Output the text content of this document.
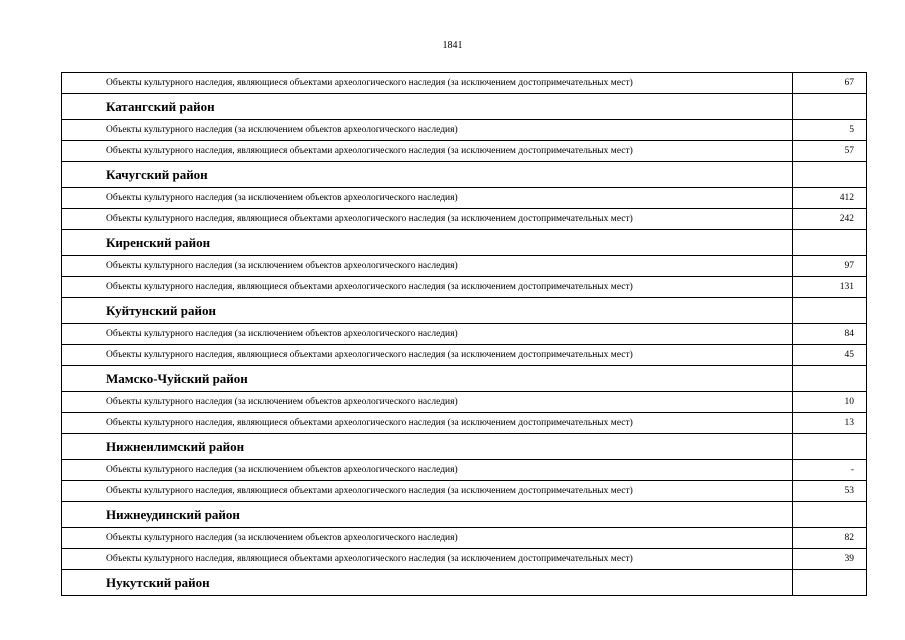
1841
Объекты культурного наследия, являющиеся объектами археологического наследия (за исключением достопримечательных мест)	67
Катангский район	
Объекты культурного наследия (за исключением объектов археологического наследия)	5
Объекты культурного наследия, являющиеся объектами археологического наследия (за исключением достопримечательных мест)	57
Качугский район	
Объекты культурного наследия (за исключением объектов археологического наследия)	412
Объекты культурного наследия, являющиеся объектами археологического наследия (за исключением достопримечательных мест)	242
Киренский район	
Объекты культурного наследия (за исключением объектов археологического наследия)	97
Объекты культурного наследия, являющиеся объектами археологического наследия (за исключением достопримечательных мест)	131
Куйтунский район	
Объекты культурного наследия (за исключением объектов археологического наследия)	84
Объекты культурного наследия, являющиеся объектами археологического наследия (за исключением достопримечательных мест)	45
Мамско-Чуйский район	
Объекты культурного наследия (за исключением объектов археологического наследия)	10
Объекты культурного наследия, являющиеся объектами археологического наследия (за исключением достопримечательных мест)	13
Нижнеилимский район	
Объекты культурного наследия (за исключением объектов археологического наследия)	-
Объекты культурного наследия, являющиеся объектами археологического наследия (за исключением достопримечательных мест)	53
Нижнеудинский район	
Объекты культурного наследия (за исключением объектов археологического наследия)	82
Объекты культурного наследия, являющиеся объектами археологического наследия (за исключением достопримечательных мест)	39
Нукутский район	
